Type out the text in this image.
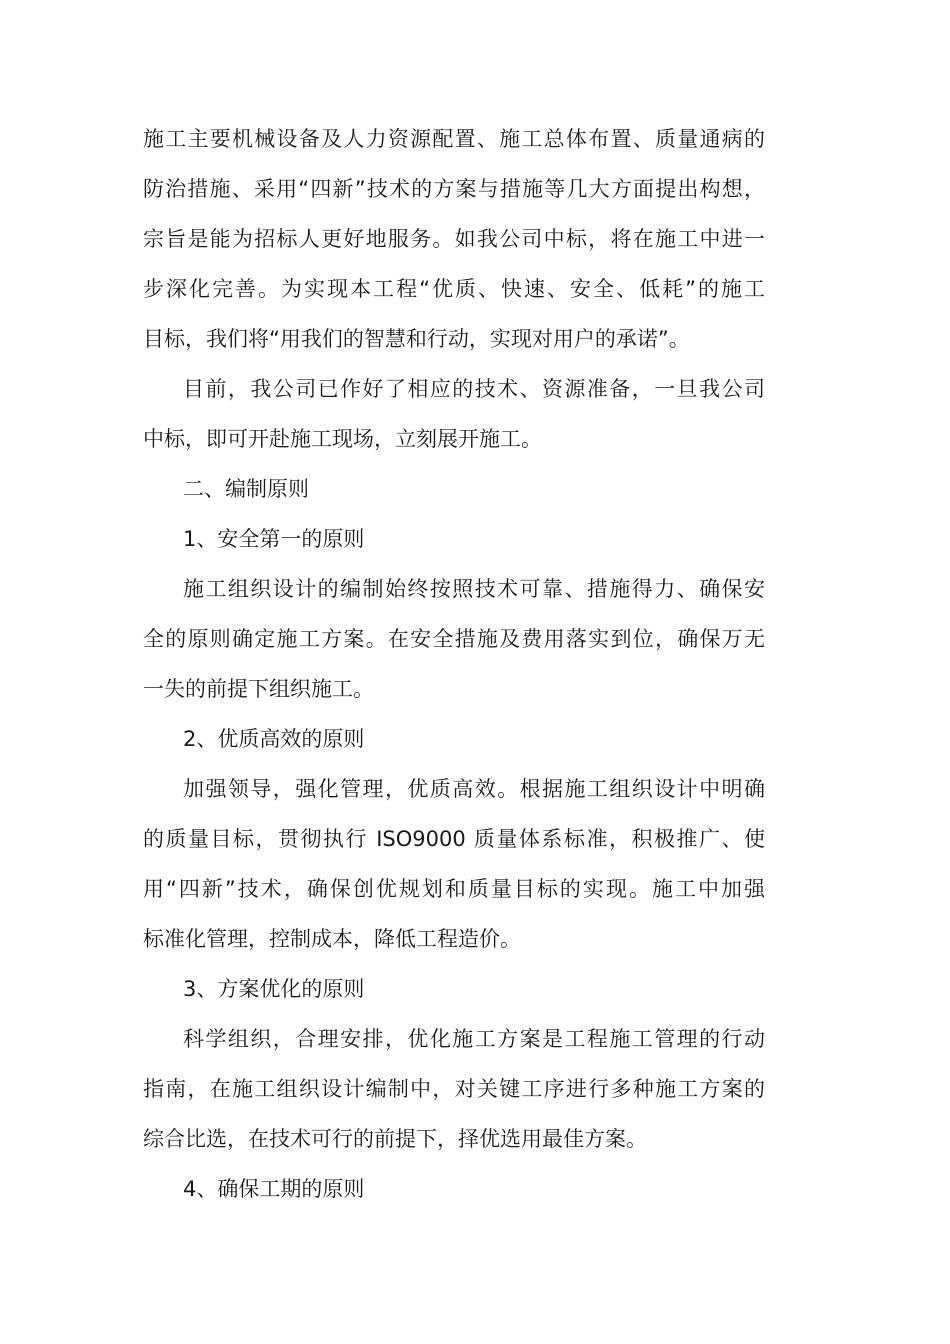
施工主要机械设备及人力资源配置、施工总体布置、质量通病的
防治措施、采用“四新”技术的方案与措施等几大方面提出构想，
宗旨是能为招标人更好地服务。如我公司中标，将在施工中进一
步深化完善。为实现本工程“优质、快速、安全、低耗”的施工
目标，我们将“用我们的智慧和行动，实现对用户的承诺”。
目前，我公司已作好了相应的技术、资源准备，一旦我公司
中标，即可开赴施工现场，立刻展开施工。
二、编制原则
1、安全第一的原则
施工组织设计的编制始终按照技术可靠、措施得力、确保安
全的原则确定施工方案。在安全措施及费用落实到位，确保万无
一失的前提下组织施工。
2、优质高效的原则
加强领导，强化管理，优质高效。根据施工组织设计中明确
的质量目标，贯彻执行 ISO9000 质量体系标准，积极推广、使
用“四新”技术，确保创优规划和质量目标的实现。施工中加强
标准化管理，控制成本，降低工程造价。
3、方案优化的原则
科学组织，合理安排，优化施工方案是工程施工管理的行动
指南，在施工组织设计编制中，对关键工序进行多种施工方案的
综合比选，在技术可行的前提下，择优选用最佳方案。
4、确保工期的原则
